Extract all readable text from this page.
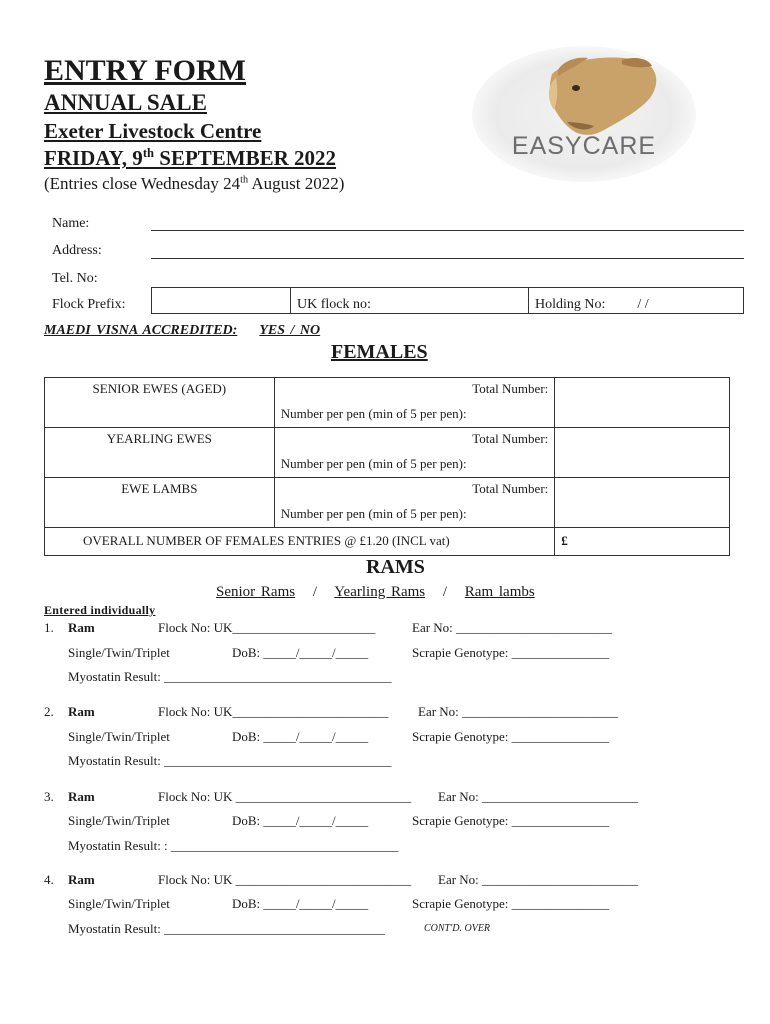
ENTRY FORM
ANNUAL SALE
Exeter Livestock Centre
FRIDAY, 9th SEPTEMBER 2022
(Entries close Wednesday 24th August 2022)
EASYCARE
Name:
Address:
Tel. No:
Flock Prefix:	UK flock no:	Holding No: / /
MAEDI VISNA ACCREDITED: YES / NO
FEMALES
SENIOR EWES (AGED)	Total Number:
Number per pen (min of 5 per pen):	

YEARLING EWES	Total Number:
Number per pen (min of 5 per pen):	

EWE LAMBS	Total Number:
Number per pen (min of 5 per pen):	

OVERALL NUMBER OF FEMALES ENTRIES @ £1.20 (INCL vat)		£
RAMS
Senior Rams / Yearling Rams / Ram lambs
Entered individually
1. Ram	Flock No: UK______________________	Ear No: ________________________
Single/Twin/Triplet	DoB: _____/_____/_____	Scrapie Genotype: _______________
Myostatin Result: ___________________________________
2. Ram	Flock No: UK________________________ Ear No: ________________________
Single/Twin/Triplet	DoB: _____/_____/_____	Scrapie Genotype: _______________
Myostatin Result: ___________________________________
3. Ram	Flock No: UK ___________________________ Ear No: ________________________
Single/Twin/Triplet	DoB: _____/_____/_____	Scrapie Genotype: _______________
Myostatin Result: : ___________________________________
4. Ram	Flock No: UK ___________________________ Ear No: ________________________
Single/Twin/Triplet	DoB: _____/_____/_____	Scrapie Genotype: _______________
Myostatin Result: __________________________________	CONT'D. OVER
